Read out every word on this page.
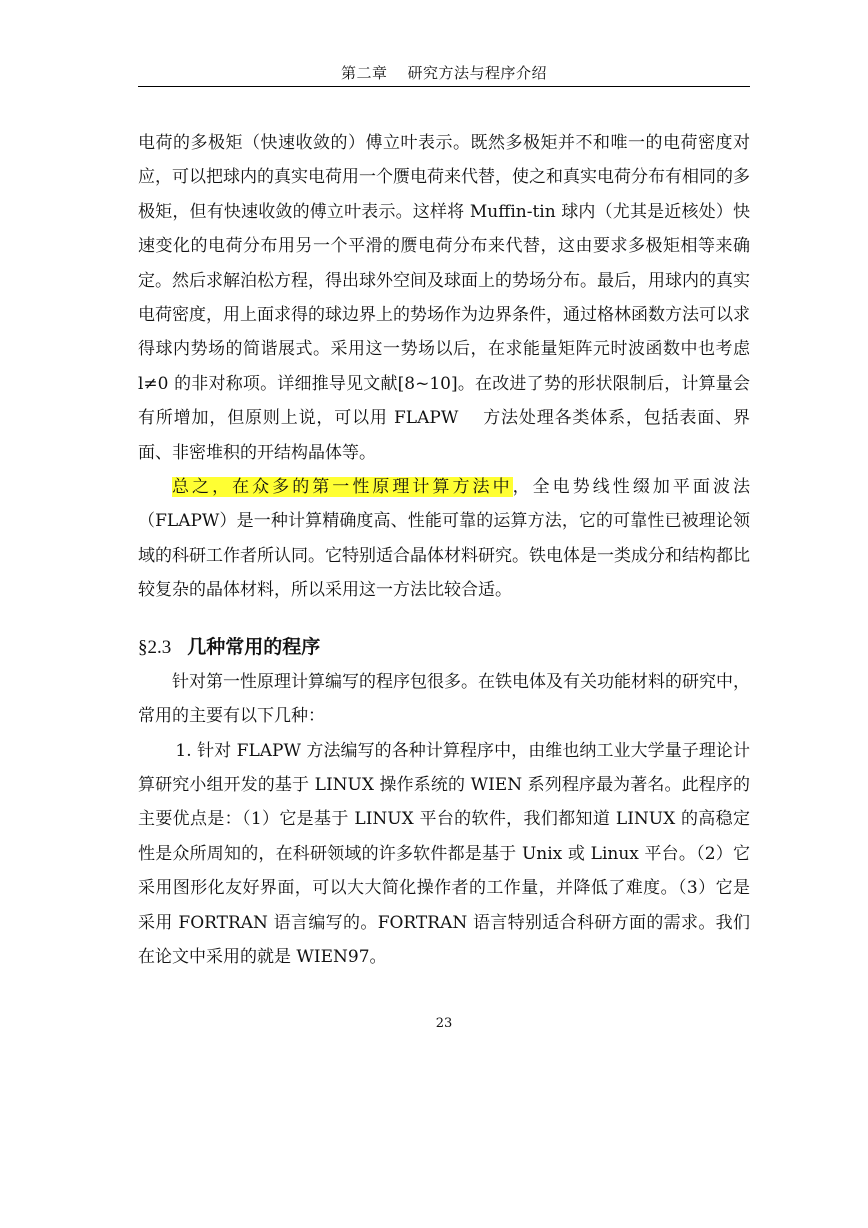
第二章 研究方法与程序介绍

电荷的多极矩（快速收敛的）傅立叶表示。既然多极矩并不和唯一的电荷密度对应，可以把球内的真实电荷用一个赝电荷来代替，使之和真实电荷分布有相同的多极矩，但有快速收敛的傅立叶表示。这样将 Muffin-tin 球内（尤其是近核处）快速变化的电荷分布用另一个平滑的赝电荷分布来代替，这由要求多极矩相等来确定。然后求解泊松方程，得出球外空间及球面上的势场分布。最后，用球内的真实电荷密度，用上面求得的球边界上的势场作为边界条件，通过格林函数方法可以求得球内势场的简谐展式。采用这一势场以后，在求能量矩阵元时波函数中也考虑 l≠0 的非对称项。详细推导见文献[8~10]。在改进了势的形状限制后，计算量会有所增加，但原则上说，可以用 FLAPW　 方法处理各类体系，包括表面、界面、非密堆积的开结构晶体等。

总之，在众多的第一性原理计算方法中，全电势线性缀加平面波法（FLAPW）是一种计算精确度高、性能可靠的运算方法，它的可靠性已被理论领域的科研工作者所认同。它特别适合晶体材料研究。铁电体是一类成分和结构都比较复杂的晶体材料，所以采用这一方法比较合适。

§2.3 几种常用的程序

针对第一性原理计算编写的程序包很多。在铁电体及有关功能材料的研究中，常用的主要有以下几种：

1. 针对 FLAPW 方法编写的各种计算程序中，由维也纳工业大学量子理论计算研究小组开发的基于 LINUX 操作系统的 WIEN 系列程序最为著名。此程序的主要优点是：（1）它是基于 LINUX 平台的软件，我们都知道 LINUX 的高稳定性是众所周知的，在科研领域的许多软件都是基于 Unix 或 Linux 平台。（2）它采用图形化友好界面，可以大大简化操作者的工作量，并降低了难度。（3）它是采用 FORTRAN 语言编写的。FORTRAN 语言特别适合科研方面的需求。我们在论文中采用的就是 WIEN97。

23
